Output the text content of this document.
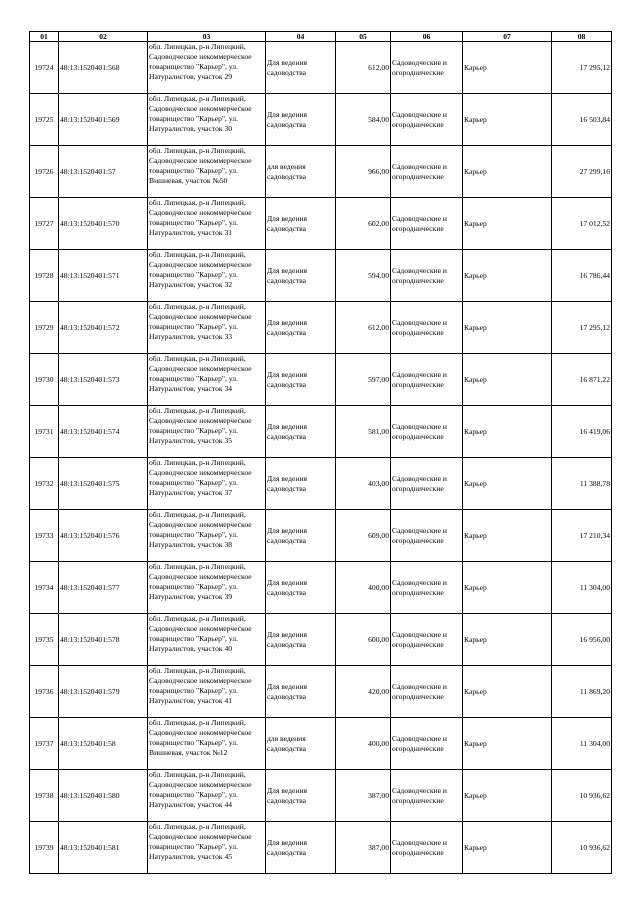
01	02	03	04	05	06	07	08
19724	48:13:1520401:568	обл. Липецкая, р-н Липецкий, Садоводческое некоммерческое товарищество "Карьер", ул. Натуралистов, участок 29	Для ведения садоводства	612,00	Садоводческие и огороднические	Карьер	17 295,12
19725	48:13:1520401:569	обл. Липецкая, р-н Липецкий, Садоводческое некоммерческое товарищество "Карьер", ул. Натуралистов, участок 30	Для ведения садоводства	584,00	Садоводческие и огороднические	Карьер	16 503,84
19726	48:13:1520401:57	обл. Липецкая, р-н Липецкий, Садоводческое некоммерческое товарищество "Карьер", ул. Вишневая, участок №50	для ведения садоводства	966,00	Садоводческие и огороднические	Карьер	27 299,16
19727	48:13:1520401:570	обл. Липецкая, р-н Липецкий, Садоводческое некоммерческое товарищество "Карьер", ул. Натуралистов, участок 31	Для ведения садоводства	602,00	Садоводческие и огороднические	Карьер	17 012,52
19728	48:13:1520401:571	обл. Липецкая, р-н Липецкий, Садоводческое некоммерческое товарищество "Карьер", ул. Натуралистов, участок 32	Для ведения садоводства	594,00	Садоводческие и огороднические	Карьер	16 786,44
19729	48:13:1520401:572	обл. Липецкая, р-н Липецкий, Садоводческое некоммерческое товарищество "Карьер", ул. Натуралистов, участок 33	Для ведения садоводства	612,00	Садоводческие и огороднические	Карьер	17 295,12
19730	48:13:1520401:573	обл. Липецкая, р-н Липецкий, Садоводческое некоммерческое товарищество "Карьер", ул. Натуралистов, участок 34	Для ведения садоводства	597,00	Садоводческие и огороднические	Карьер	16 871,22
19731	48:13:1520401:574	обл. Липецкая, р-н Липецкий, Садоводческое некоммерческое товарищество "Карьер", ул. Натуралистов, участок 35	Для ведения садоводства	581,00	Садоводческие и огороднические	Карьер	16 419,06
19732	48:13:1520401:575	обл. Липецкая, р-н Липецкий, Садоводческое некоммерческое товарищество "Карьер", ул. Натуралистов, участок 37	Для ведения садоводства	403,00	Садоводческие и огороднические	Карьер	11 388,78
19733	48:13:1520401:576	обл. Липецкая, р-н Липецкий, Садоводческое некоммерческое товарищество "Карьер", ул. Натуралистов, участок 38	Для ведения садоводства	609,00	Садоводческие и огороднические	Карьер	17 210,34
19734	48:13:1520401:577	обл. Липецкая, р-н Липецкий, Садоводческое некоммерческое товарищество "Карьер", ул. Натуралистов, участок 39	Для ведения садоводства	400,00	Садоводческие и огороднические	Карьер	11 304,00
19735	48:13:1520401:578	обл. Липецкая, р-н Липецкий, Садоводческое некоммерческое товарищество "Карьер", ул. Натуралистов, участок 40	Для ведения садоводства	600,00	Садоводческие и огороднические	Карьер	16 956,00
19736	48:13:1520401:579	обл. Липецкая, р-н Липецкий, Садоводческое некоммерческое товарищество "Карьер", ул. Натуралистов, участок 41	Для ведения садоводства	420,00	Садоводческие и огороднические	Карьер	11 869,20
19737	48:13:1520401:58	обл. Липецкая, р-н Липецкий, Садоводческое некоммерческое товарищество "Карьер", ул. Вишневая, участок №12	для ведения садоводства	400,00	Садоводческие и огороднические	Карьер	11 304,00
19738	48:13:1520401:580	обл. Липецкая, р-н Липецкий, Садоводческое некоммерческое товарищество "Карьер", ул. Натуралистов, участок 44	Для ведения садоводства	387,00	Садоводческие и огороднические	Карьер	10 936,62
19739	48:13:1520401:581	обл. Липецкая, р-н Липецкий, Садоводческое некоммерческое товарищество "Карьер", ул. Натуралистов, участок 45	Для ведения садоводства	387,00	Садоводческие и огороднические	Карьер	10 936,62
